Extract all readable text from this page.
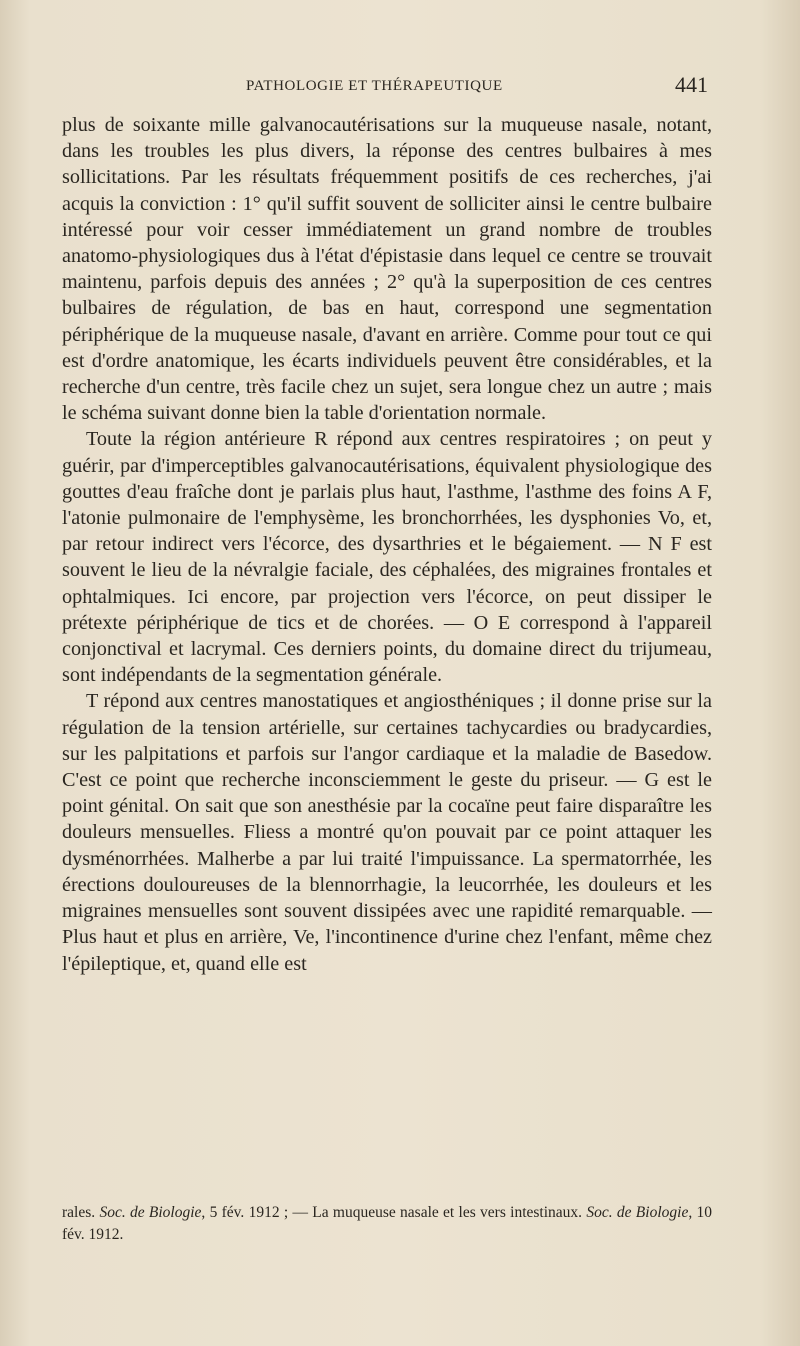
PATHOLOGIE ET THÉRAPEUTIQUE	441

plus de soixante mille galvanocautérisations sur la muqueuse nasale, notant, dans les troubles les plus divers, la réponse des centres bulbaires à mes sollicitations. Par les résultats fréquemment positifs de ces recherches, j'ai acquis la conviction : 1° qu'il suffit souvent de solliciter ainsi le centre bulbaire intéressé pour voir cesser immédiatement un grand nombre de troubles anatomo-physiologiques dus à l'état d'épistasie dans lequel ce centre se trouvait maintenu, parfois depuis des années ; 2° qu'à la superposition de ces centres bulbaires de régulation, de bas en haut, correspond une segmentation périphérique de la muqueuse nasale, d'avant en arrière. Comme pour tout ce qui est d'ordre anatomique, les écarts individuels peuvent être considérables, et la recherche d'un centre, très facile chez un sujet, sera longue chez un autre ; mais le schéma suivant donne bien la table d'orientation normale.

Toute la région antérieure R répond aux centres respiratoires ; on peut y guérir, par d'imperceptibles galvanocautérisations, équivalent physiologique des gouttes d'eau fraîche dont je parlais plus haut, l'asthme, l'asthme des foins A F, l'atonie pulmonaire de l'emphysème, les bronchorrhées, les dysphonies Vo, et, par retour indirect vers l'écorce, des dysarthries et le bégaiement. — N F est souvent le lieu de la névralgie faciale, des céphalées, des migraines frontales et ophtalmiques. Ici encore, par projection vers l'écorce, on peut dissiper le prétexte périphérique de tics et de chorées. — O E correspond à l'appareil conjonctival et lacrymal. Ces derniers points, du domaine direct du trijumeau, sont indépendants de la segmentation générale.

T répond aux centres manostatiques et angiosthéniques ; il donne prise sur la régulation de la tension artérielle, sur certaines tachycardies ou bradycardies, sur les palpitations et parfois sur l'angor cardiaque et la maladie de Basedow. C'est ce point que recherche inconsciemment le geste du priseur. — G est le point génital. On sait que son anesthésie par la cocaïne peut faire disparaître les douleurs mensuelles. Fliess a montré qu'on pouvait par ce point attaquer les dysménorrhées. Malherbe a par lui traité l'impuissance. La spermatorrhée, les érections douloureuses de la blennorrhagie, la leucorrhée, les douleurs et les migraines mensuelles sont souvent dissipées avec une rapidité remarquable. — Plus haut et plus en arrière, Ve, l'incontinence d'urine chez l'enfant, même chez l'épileptique, et, quand elle est

rales. Soc. de Biologie, 5 fév. 1912 ; — La muqueuse nasale et les vers intestinaux. Soc. de Biologie, 10 fév. 1912.
